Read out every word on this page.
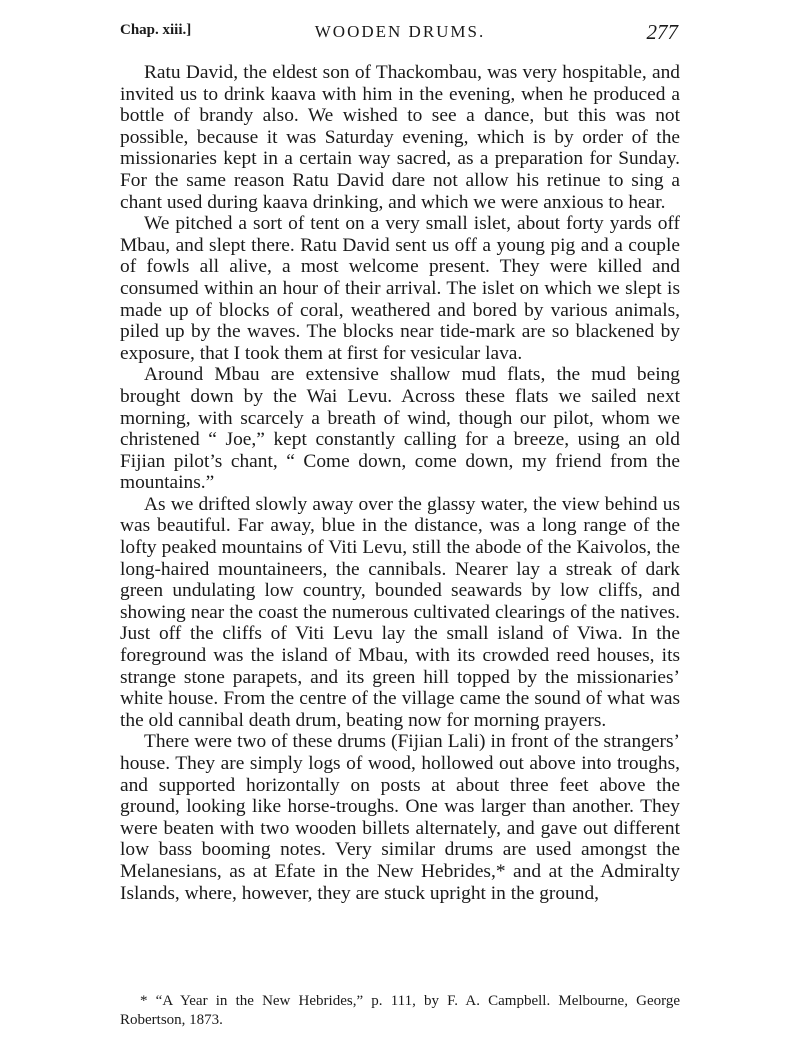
Chap. xiii.]	WOODEN DRUMS.	277

Ratu David, the eldest son of Thackombau, was very hospitable, and invited us to drink kaava with him in the evening, when he produced a bottle of brandy also. We wished to see a dance, but this was not possible, because it was Saturday evening, which is by order of the missionaries kept in a certain way sacred, as a preparation for Sunday. For the same reason Ratu David dare not allow his retinue to sing a chant used during kaava drinking, and which we were anxious to hear.

We pitched a sort of tent on a very small islet, about forty yards off Mbau, and slept there. Ratu David sent us off a young pig and a couple of fowls all alive, a most welcome present. They were killed and consumed within an hour of their arrival. The islet on which we slept is made up of blocks of coral, weathered and bored by various animals, piled up by the waves. The blocks near tide-mark are so blackened by exposure, that I took them at first for vesicular lava.

Around Mbau are extensive shallow mud flats, the mud being brought down by the Wai Levu. Across these flats we sailed next morning, with scarcely a breath of wind, though our pilot, whom we christened “ Joe,” kept constantly calling for a breeze, using an old Fijian pilot’s chant, “ Come down, come down, my friend from the mountains.”

As we drifted slowly away over the glassy water, the view behind us was beautiful. Far away, blue in the distance, was a long range of the lofty peaked mountains of Viti Levu, still the abode of the Kaivolos, the long-haired mountaineers, the cannibals. Nearer lay a streak of dark green undulating low country, bounded seawards by low cliffs, and showing near the coast the numerous cultivated clearings of the natives. Just off the cliffs of Viti Levu lay the small island of Viwa. In the foreground was the island of Mbau, with its crowded reed houses, its strange stone parapets, and its green hill topped by the missionaries’ white house. From the centre of the village came the sound of what was the old cannibal death drum, beating now for morning prayers.

There were two of these drums (Fijian Lali) in front of the strangers’ house. They are simply logs of wood, hollowed out above into troughs, and supported horizontally on posts at about three feet above the ground, looking like horse-troughs. One was larger than another. They were beaten with two wooden billets alternately, and gave out different low bass booming notes. Very similar drums are used amongst the Melanesians, as at Efate in the New Hebrides,* and at the Admiralty Islands, where, however, they are stuck upright in the ground,

* “A Year in the New Hebrides,” p. 111, by F. A. Campbell. Melbourne, George Robertson, 1873.
